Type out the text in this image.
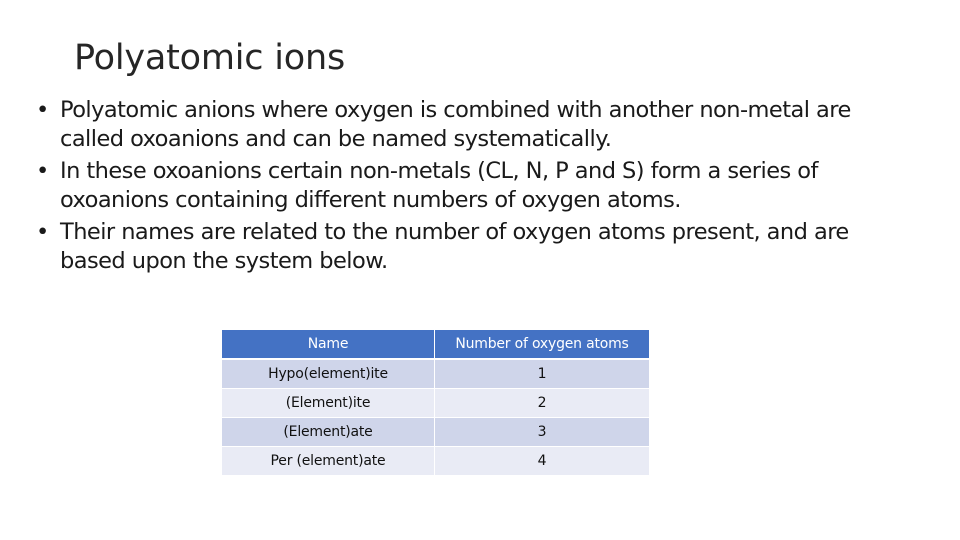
Polyatomic ions
• Polyatomic anions where oxygen is combined with another non-metal are called oxoanions and can be named systematically.
• In these oxoanions certain non-metals (CL, N, P and S) form a series of oxoanions containing different numbers of oxygen atoms.
• Their names are related to the number of oxygen atoms present, and are based upon the system below.
Name		Number of oxygen atoms
Hypo(element)ite		1
(Element)ite		2
(Element)ate		3
Per (element)ate		4
